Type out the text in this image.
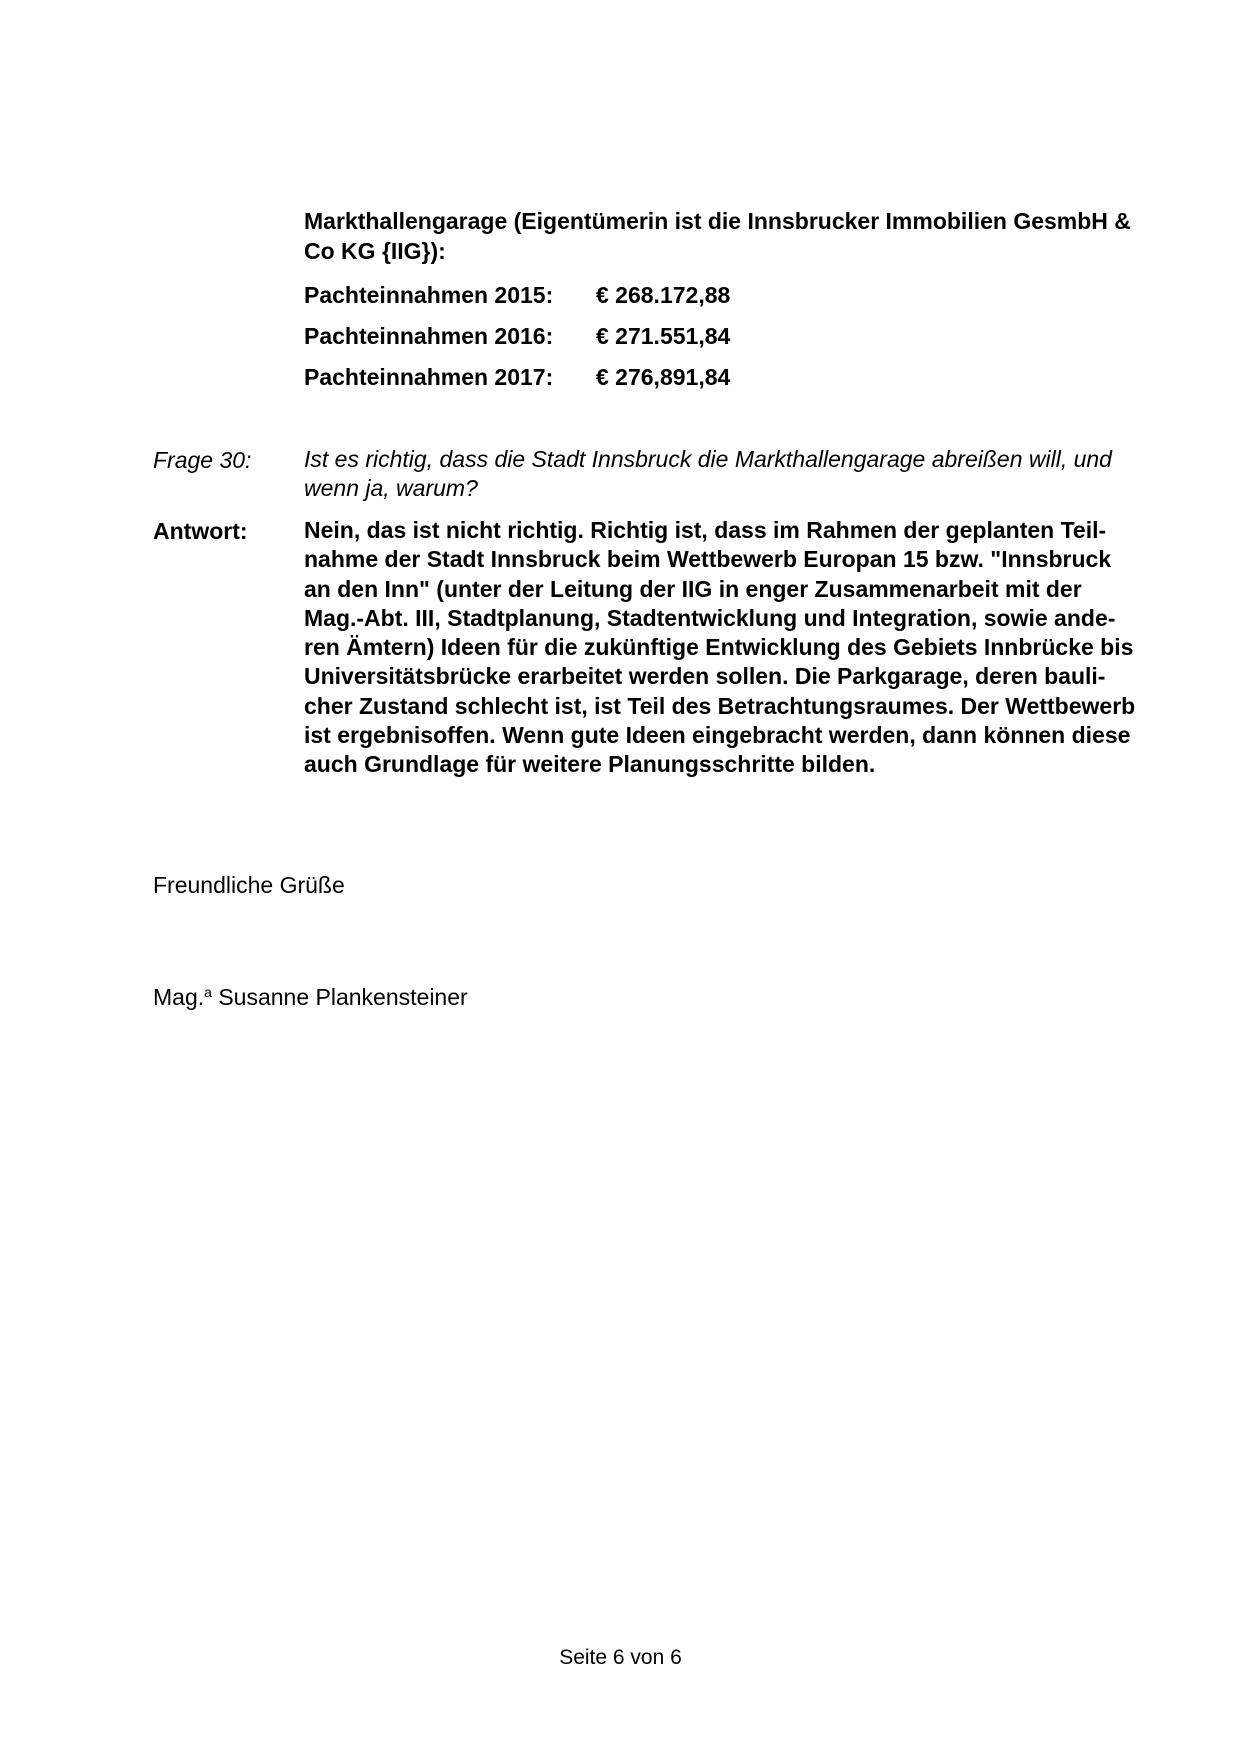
Markthallengarage (Eigentümerin ist die Innsbrucker Immobilien GesmbH & Co KG {IIG}):

Pachteinnahmen 2015: € 268.172,88
Pachteinnahmen 2016: € 271.551,84
Pachteinnahmen 2017: € 276,891,84
Frage 30: Ist es richtig, dass die Stadt Innsbruck die Markthallengarage abreißen will, und wenn ja, warum?

Antwort: Nein, das ist nicht richtig. Richtig ist, dass im Rahmen der geplanten Teil-
nahme der Stadt Innsbruck beim Wettbewerb Europan 15 bzw. "Innsbruck
an den Inn" (unter der Leitung der IIG in enger Zusammenarbeit mit der
Mag.-Abt. III, Stadtplanung, Stadtentwicklung und Integration, sowie ande-
ren Ämtern) Ideen für die zukünftige Entwicklung des Gebiets Innbrücke bis
Universitätsbrücke erarbeitet werden sollen. Die Parkgarage, deren bauli-
cher Zustand schlecht ist, ist Teil des Betrachtungsraumes. Der Wettbewerb
ist ergebnisoffen. Wenn gute Ideen eingebracht werden, dann können diese
auch Grundlage für weitere Planungsschritte bilden.

Freundliche Grüße

Mag.$^a$ Susanne Plankensteiner

Seite 6 von 6
